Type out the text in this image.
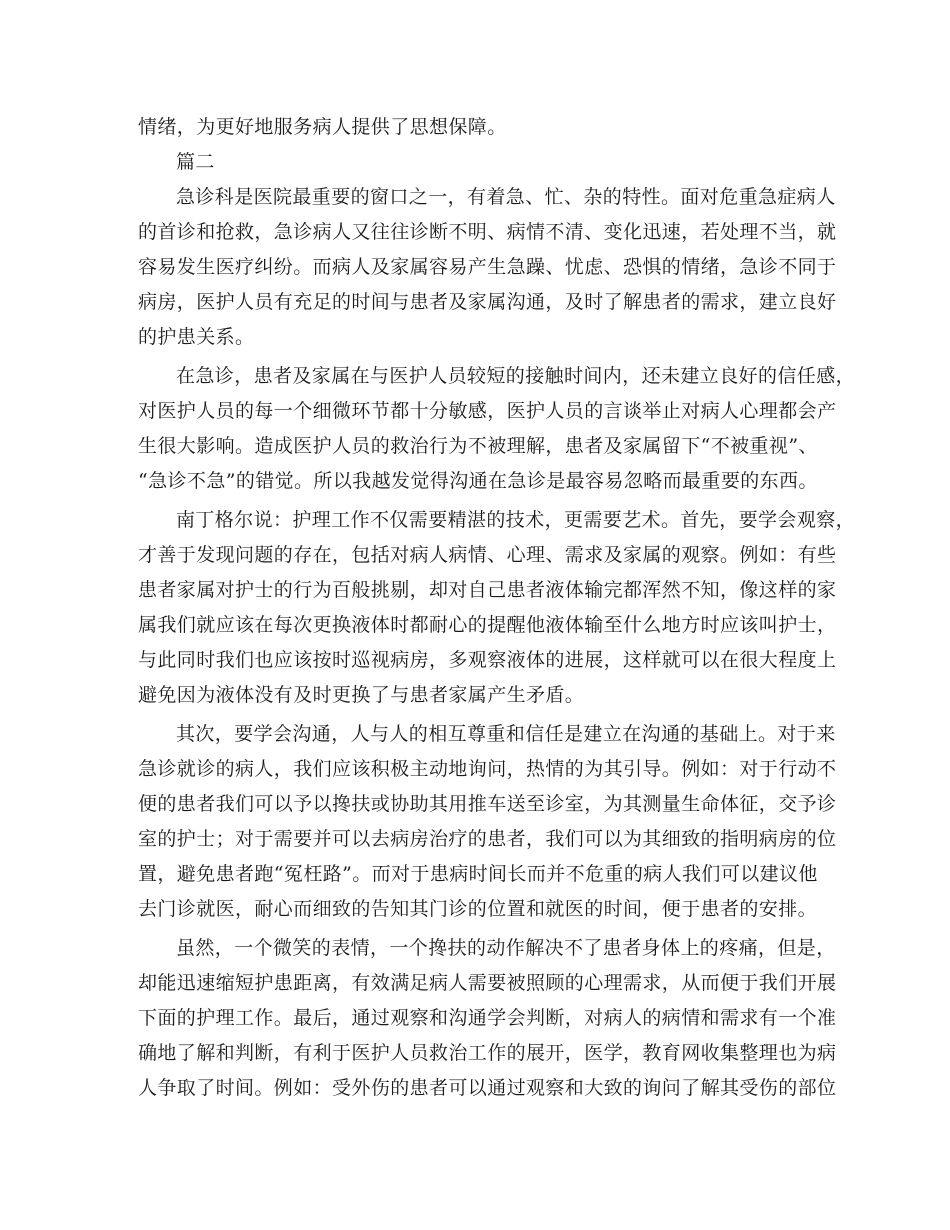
情绪，为更好地服务病人提供了思想保障。
篇二
急诊科是医院最重要的窗口之一，有着急、忙、杂的特性。面对危重急症病人
的首诊和抢救，急诊病人又往往诊断不明、病情不清、变化迅速，若处理不当，就
容易发生医疗纠纷。而病人及家属容易产生急躁、忧虑、恐惧的情绪，急诊不同于
病房，医护人员有充足的时间与患者及家属沟通，及时了解患者的需求，建立良好
的护患关系。
在急诊，患者及家属在与医护人员较短的接触时间内，还未建立良好的信任感，
对医护人员的每一个细微环节都十分敏感，医护人员的言谈举止对病人心理都会产
生很大影响。造成医护人员的救治行为不被理解，患者及家属留下“不被重视”、
“急诊不急”的错觉。所以我越发觉得沟通在急诊是最容易忽略而最重要的东西。
南丁格尔说：护理工作不仅需要精湛的技术，更需要艺术。首先，要学会观察，
才善于发现问题的存在，包括对病人病情、心理、需求及家属的观察。例如：有些
患者家属对护士的行为百般挑剔，却对自己患者液体输完都浑然不知，像这样的家
属我们就应该在每次更换液体时都耐心的提醒他液体输至什么地方时应该叫护士，
与此同时我们也应该按时巡视病房，多观察液体的进展，这样就可以在很大程度上
避免因为液体没有及时更换了与患者家属产生矛盾。
其次，要学会沟通，人与人的相互尊重和信任是建立在沟通的基础上。对于来
急诊就诊的病人，我们应该积极主动地询问，热情的为其引导。例如：对于行动不
便的患者我们可以予以搀扶或协助其用推车送至诊室，为其测量生命体征，交予诊
室的护士；对于需要并可以去病房治疗的患者，我们可以为其细致的指明病房的位
置，避免患者跑“冤枉路”。而对于患病时间长而并不危重的病人我们可以建议他
去门诊就医，耐心而细致的告知其门诊的位置和就医的时间，便于患者的安排。
虽然，一个微笑的表情，一个搀扶的动作解决不了患者身体上的疼痛，但是，
却能迅速缩短护患距离，有效满足病人需要被照顾的心理需求，从而便于我们开展
下面的护理工作。最后，通过观察和沟通学会判断，对病人的病情和需求有一个准
确地了解和判断，有利于医护人员救治工作的展开，医学，教育网收集整理也为病
人争取了时间。例如：受外伤的患者可以通过观察和大致的询问了解其受伤的部位
